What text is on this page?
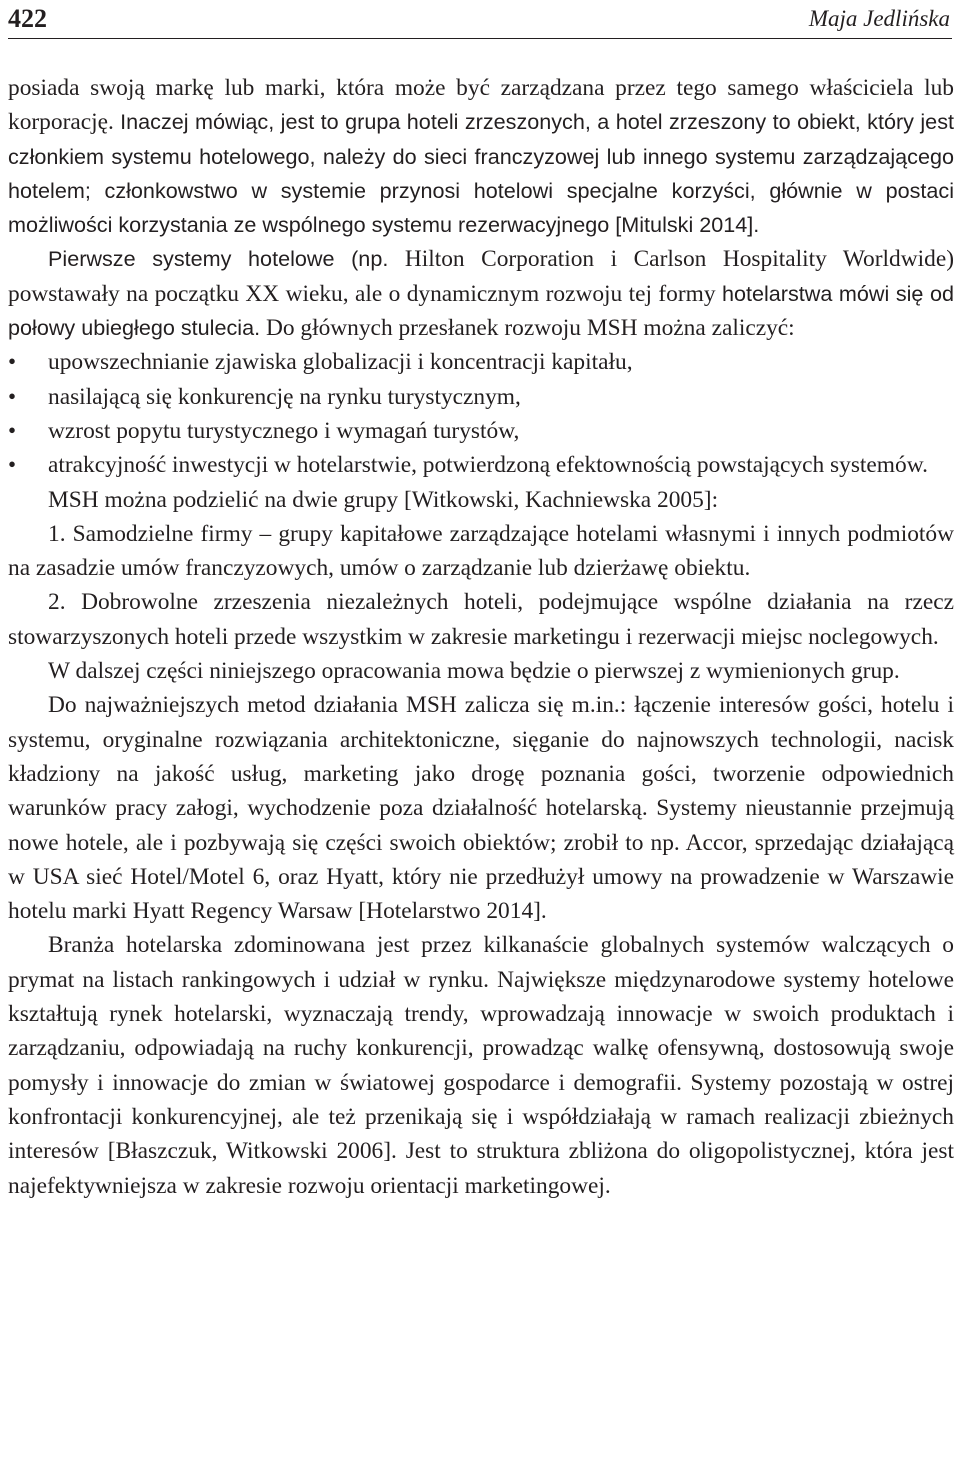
422	Maja Jedlińska

posiada swoją markę lub marki, która może być zarządzana przez tego samego właściciela lub korporację. Inaczej mówiąc, jest to grupa hoteli zrzeszonych, a hotel zrzeszony to obiekt, który jest członkiem systemu hotelowego, należy do sieci franczyzowej lub innego systemu zarządzającego hotelem; członkowstwo w systemie przynosi hotelowi specjalne korzyści, głównie w postaci możliwości korzystania ze wspólnego systemu rezerwacyjnego [Mitulski 2014].

Pierwsze systemy hotelowe (np. Hilton Corporation i Carlson Hospitality Worldwide) powstawały na początku XX wieku, ale o dynamicznym rozwoju tej formy hotelarstwa mówi się od połowy ubiegłego stulecia. Do głównych przesłanek rozwoju MSH można zaliczyć:

• upowszechnianie zjawiska globalizacji i koncentracji kapitału,
• nasilającą się konkurencję na rynku turystycznym,
• wzrost popytu turystycznego i wymagań turystów,
• atrakcyjność inwestycji w hotelarstwie, potwierdzoną efektownością powstających systemów.

MSH można podzielić na dwie grupy [Witkowski, Kachniewska 2005]:

1. Samodzielne firmy – grupy kapitałowe zarządzające hotelami własnymi i innych podmiotów na zasadzie umów franczyzowych, umów o zarządzanie lub dzierżawę obiektu.

2. Dobrowolne zrzeszenia niezależnych hoteli, podejmujące wspólne działania na rzecz stowarzyszonych hoteli przede wszystkim w zakresie marketingu i rezerwacji miejsc noclegowych.

W dalszej części niniejszego opracowania mowa będzie o pierwszej z wymienionych grup.

Do najważniejszych metod działania MSH zalicza się m.in.: łączenie interesów gości, hotelu i systemu, oryginalne rozwiązania architektoniczne, sięganie do najnowszych technologii, nacisk kładziony na jakość usług, marketing jako drogę poznania gości, tworzenie odpowiednich warunków pracy załogi, wychodzenie poza działalność hotelarską. Systemy nieustannie przejmują nowe hotele, ale i pozbywają się części swoich obiektów; zrobił to np. Accor, sprzedając działającą w USA sieć Hotel/Motel 6, oraz Hyatt, który nie przedłużył umowy na prowadzenie w Warszawie hotelu marki Hyatt Regency Warsaw [Hotelarstwo 2014].

Branża hotelarska zdominowana jest przez kilkanaście globalnych systemów walczących o prymat na listach rankingowych i udział w rynku. Największe międzynarodowe systemy hotelowe kształtują rynek hotelarski, wyznaczają trendy, wprowadzają innowacje w swoich produktach i zarządzaniu, odpowiadają na ruchy konkurencji, prowadząc walkę ofensywną, dostosowują swoje pomysły i innowacje do zmian w światowej gospodarce i demografii. Systemy pozostają w ostrej konfrontacji konkurencyjnej, ale też przenikają się i współdziałają w ramach realizacji zbieżnych interesów [Błaszczuk, Witkowski 2006]. Jest to struktura zbliżona do oligopolistycznej, która jest najefektywniejsza w zakresie rozwoju orientacji marketingowej.
